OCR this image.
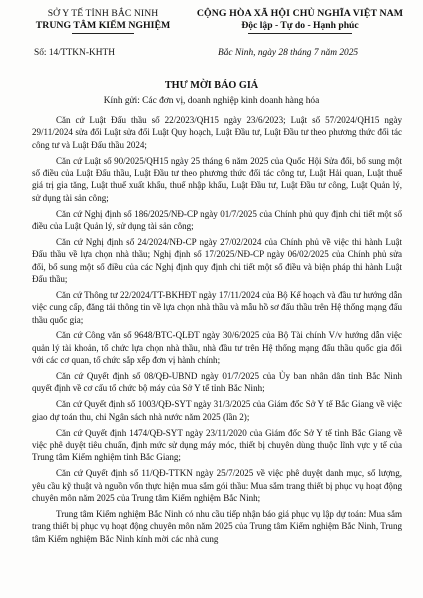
SỞ Y TẾ TỈNH BẮC NINH
TRUNG TÂM KIỂM NGHIỆM
CỘNG HÒA XÃ HỘI CHỦ NGHĨA VIỆT NAM
Độc lập - Tự do - Hạnh phúc
Số: 14/TTKN-KHTH	Bắc Ninh, ngày 28 tháng 7 năm 2025
THƯ MỜI BÁO GIÁ
Kính gửi: Các đơn vị, doanh nghiệp kinh doanh hàng hóa

Căn cứ Luật Đấu thầu số 22/2023/QH15 ngày 23/6/2023; Luật số 57/2024/QH15 ngày 29/11/2024 sửa đổi Luật sửa đổi Luật Quy hoạch, Luật Đầu tư, Luật Đầu tư theo phương thức đối tác công tư và Luật Đấu thầu 2024;

Căn cứ Luật số 90/2025/QH15 ngày 25 tháng 6 năm 2025 của Quốc Hội Sửa đổi, bổ sung một số điều của Luật Đấu thầu, Luật Đầu tư theo phương thức đối tác công tư, Luật Hải quan, Luật thuế giá trị gia tăng, Luật thuế xuất khẩu, thuế nhập khẩu, Luật Đầu tư, Luật Đầu tư công, Luật Quản lý, sử dụng tài sản công;

Căn cứ Nghị định số 186/2025/NĐ-CP ngày 01/7/2025 của Chính phủ quy định chi tiết một số điều của Luật Quản lý, sử dụng tài sản công;

Căn cứ Nghị định số 24/2024/NĐ-CP ngày 27/02/2024 của Chính phủ về việc thi hành Luật Đấu thầu về lựa chọn nhà thầu; Nghị định số 17/2025/NĐ-CP ngày 06/02/2025 của Chính phủ sửa đổi, bổ sung một số điều của các Nghị định quy định chi tiết một số điều và biện pháp thi hành Luật Đấu thầu;

Căn cứ Thông tư 22/2024/TT-BKHĐT ngày 17/11/2024 của Bộ Kế hoạch và đầu tư hướng dẫn việc cung cấp, đăng tải thông tin về lựa chọn nhà thầu và mẫu hồ sơ đấu thầu trên Hệ thống mạng đấu thầu quốc gia;

Căn cứ Công văn số 9648/BTC-QLĐT ngày 30/6/2025 của Bộ Tài chính V/v hướng dẫn việc quản lý tài khoản, tổ chức lựa chọn nhà thầu, nhà đầu tư trên Hệ thống mạng đấu thầu quốc gia đối với các cơ quan, tổ chức sắp xếp đơn vị hành chính;

Căn cứ Quyết định số 08/QĐ-UBND ngày 01/7/2025 của Ủy ban nhân dân tỉnh Bắc Ninh quyết định về cơ cấu tổ chức bộ máy của Sở Y tế tỉnh Bắc Ninh;

Căn cứ Quyết định số 1003/QĐ-SYT ngày 31/3/2025 của Giám đốc Sở Y tế Bắc Giang về việc giao dự toán thu, chi Ngân sách nhà nước năm 2025 (lần 2);

Căn cứ Quyết định 1474/QĐ-SYT ngày 23/11/2020 của Giám đốc Sở Y tế tỉnh Bắc Giang về việc phê duyệt tiêu chuẩn, định mức sử dụng máy móc, thiết bị chuyên dùng thuộc lĩnh vực y tế của Trung tâm Kiểm nghiệm tỉnh Bắc Giang;

Căn cứ Quyết định số 11/QĐ-TTKN ngày 25/7/2025 về việc phê duyệt danh mục, số lượng, yêu cầu kỹ thuật và nguồn vốn thực hiện mua sắm gói thầu: Mua sắm trang thiết bị phục vụ hoạt động chuyên môn năm 2025 của Trung tâm Kiểm nghiệm Bắc Ninh;

Trung tâm Kiểm nghiệm Bắc Ninh có nhu cầu tiếp nhận báo giá phục vụ lập dự toán: Mua sắm trang thiết bị phục vụ hoạt động chuyên môn năm 2025 của Trung tâm Kiểm nghiệm Bắc Ninh, Trung tâm Kiểm nghiệm Bắc Ninh kính mời các nhà cung
